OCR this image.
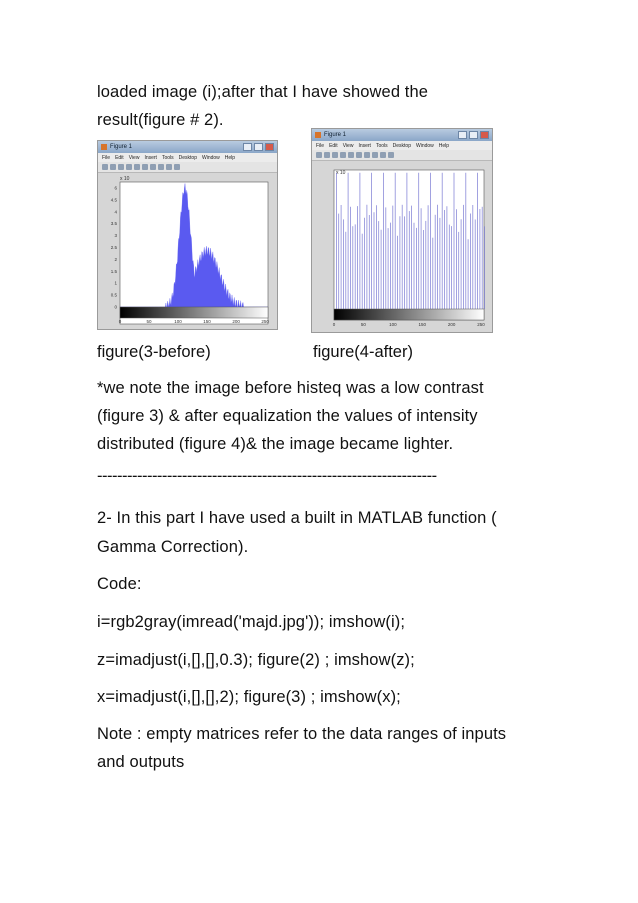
loaded image (i);after that I have showed the
result(figure # 2).
Figure 1
File Edit View Insert Tools Desktop Window Help
x 10
6
4.5
4
3.5
3
2.5
2
1.5
1
0.5
0
0	50	100	150	200	250
Figure 1
File Edit View Insert Tools Desktop Window Help
x 10
0	50	100	150	200	250
figure(3-before)	figure(4-after)
*we note the image before histeq was a low contrast
(figure 3) & after equalization the values of intensity
distributed (figure 4)& the image became lighter.
--------------------------------------------------------------------
2- In this part I have used a built in MATLAB function (
Gamma Correction).
Code:
i=rgb2gray(imread('majd.jpg')); imshow(i);
z=imadjust(i,[],[],0.3); figure(2) ; imshow(z);
x=imadjust(i,[],[],2); figure(3) ; imshow(x);
Note : empty matrices refer to the data ranges of inputs
and outputs
